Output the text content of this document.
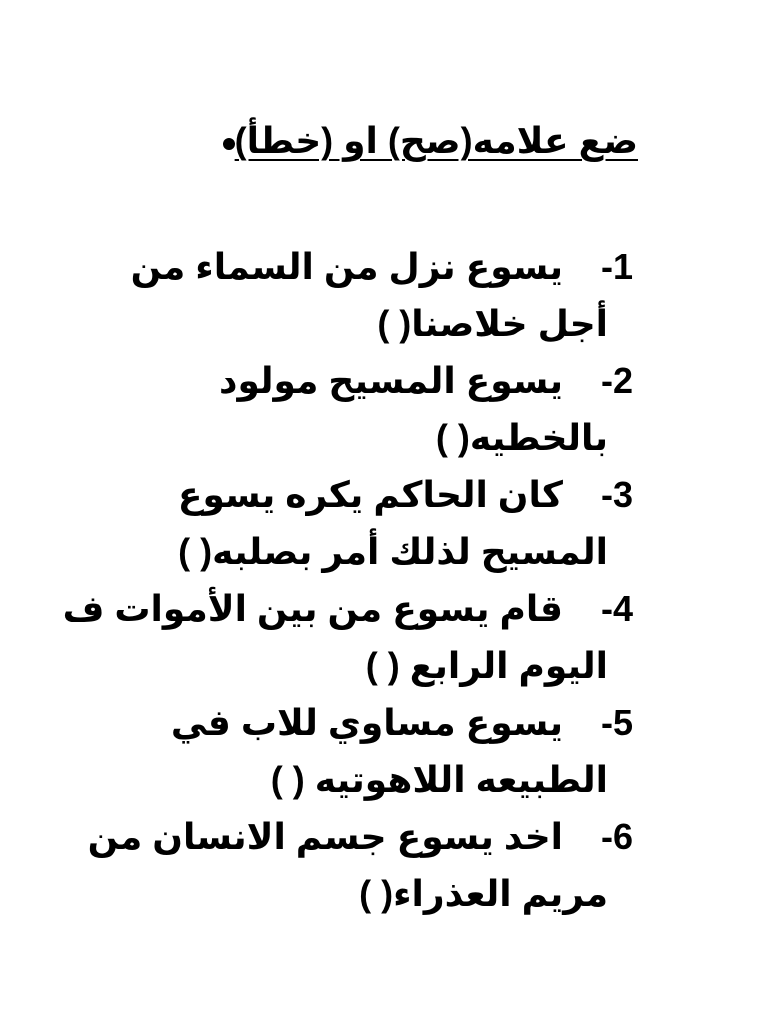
ضع علامه(صح) او (خطأ)
-1
يسوع نزل من السماء من
أجل خلاصنا( )
-2
يسوع المسيح مولود
بالخطيه( )
-3
كان الحاكم يكره يسوع
المسيح لذلك أمر بصلبه( )
-4
قام يسوع من بين الأموات ف
اليوم الرابع ( )
-5
يسوع مساوي للاب في
الطبيعه اللاهوتيه ( )
-6
اخد يسوع جسم الانسان من
مريم العذراء( )
